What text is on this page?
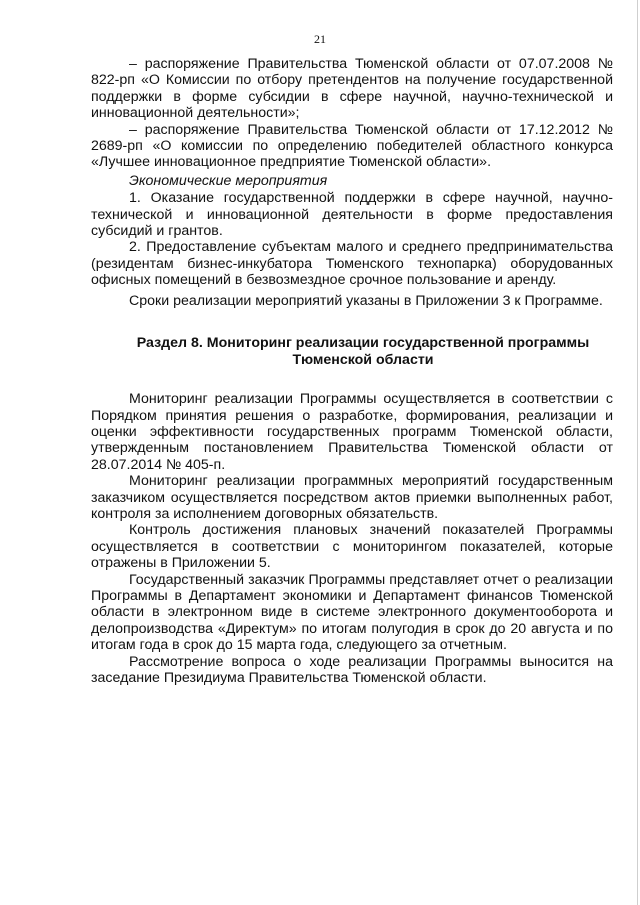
21

– распоряжение Правительства Тюменской области от 07.07.2008 № 822-рп «О Комиссии по отбору претендентов на получение государственной поддержки в форме субсидии в сфере научной, научно-технической и инновационной деятельности»;

– распоряжение Правительства Тюменской области от 17.12.2012 № 2689-рп «О комиссии по определению победителей областного конкурса «Лучшее инновационное предприятие Тюменской области».

Экономические мероприятия

1. Оказание государственной поддержки в сфере научной, научно-технической и инновационной деятельности в форме предоставления субсидий и грантов.

2. Предоставление субъектам малого и среднего предпринимательства (резидентам бизнес-инкубатора Тюменского технопарка) оборудованных офисных помещений в безвозмездное срочное пользование и аренду.

Сроки реализации мероприятий указаны в Приложении 3 к Программе.

Раздел 8. Мониторинг реализации государственной программы
Тюменской области

Мониторинг реализации Программы осуществляется в соответствии с Порядком принятия решения о разработке, формирования, реализации и оценки эффективности государственных программ Тюменской области, утвержденным постановлением Правительства Тюменской области от 28.07.2014 № 405-п.

Мониторинг реализации программных мероприятий государственным заказчиком осуществляется посредством актов приемки выполненных работ, контроля за исполнением договорных обязательств.

Контроль достижения плановых значений показателей Программы осуществляется в соответствии с мониторингом показателей, которые отражены в Приложении 5.

Государственный заказчик Программы представляет отчет о реализации Программы в Департамент экономики и Департамент финансов Тюменской области в электронном виде в системе электронного документооборота и делопроизводства «Директум» по итогам полугодия в срок до 20 августа и по итогам года в срок до 15 марта года, следующего за отчетным.

Рассмотрение вопроса о ходе реализации Программы выносится на заседание Президиума Правительства Тюменской области.
